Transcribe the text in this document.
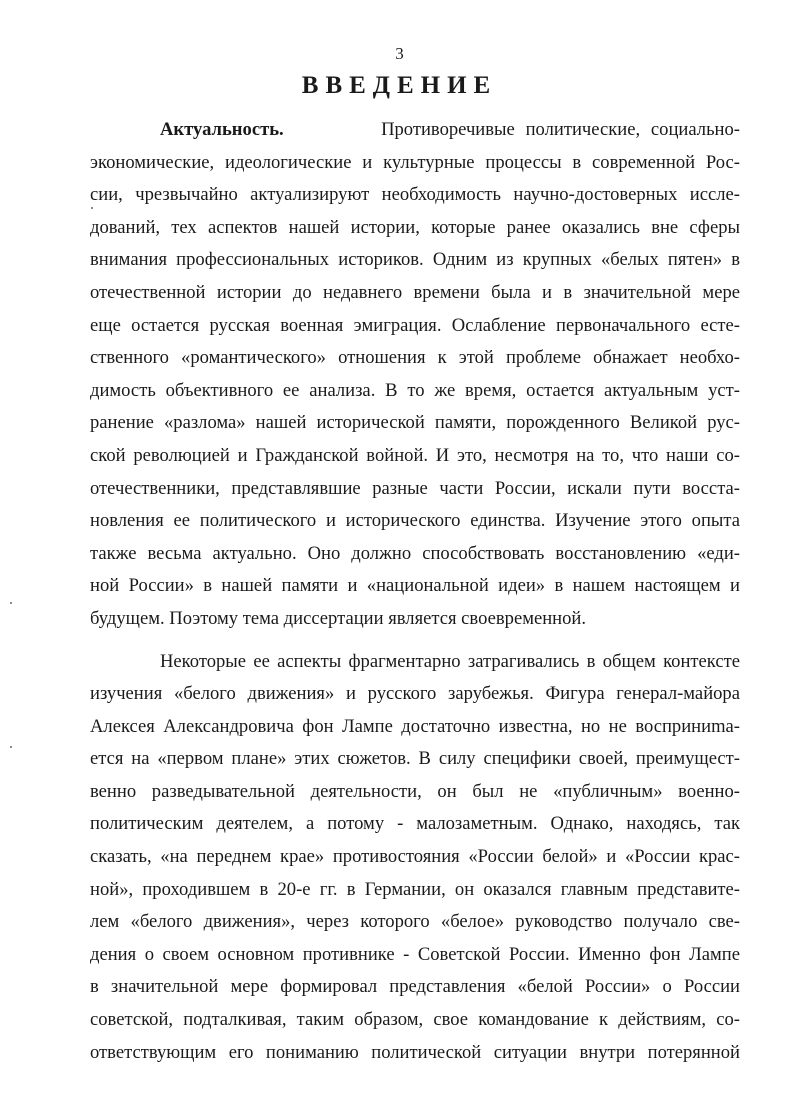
3
ВВЕДЕНИЕ
Актуальность.	Противоречивые политические, социально-
экономические, идеологические и культурные процессы в современной Рос-
сии, чрезвычайно актуализируют необходимость научно-достоверных иссле-
дований, тех аспектов нашей истории, которые ранее оказались вне сферы
внимания профессиональных историков. Одним из крупных «белых пятен» в
отечественной истории до недавнего времени была и в значительной мере
еще остается русская военная эмиграция. Ослабление первоначального есте-
ственного «романтического» отношения к этой проблеме обнажает необхо-
димость объективного ее анализа. В то же время, остается актуальным уст-
ранение «разлома» нашей исторической памяти, порожденного Великой рус-
ской революцией и Гражданской войной. И это, несмотря на то, что наши со-
отечественники, представлявшие разные части России, искали пути восста-
новления ее политического и исторического единства. Изучение этого опыта
также весьма актуально. Оно должно способствовать восстановлению «еди-
ной России» в нашей памяти и «национальной идеи» в нашем настоящем и
будущем. Поэтому тема диссертации является своевременной.
Некоторые ее аспекты фрагментарно затрагивались в общем контексте
изучения «белого движения» и русского зарубежья. Фигура генерал-майора
Алексея Александровича фон Лампе достаточно известна, но не восприниma-
ется на «первом плане» этих сюжетов. В силу специфики своей, преимущест-
венно разведывательной деятельности, он был не «публичным» военно-
политическим деятелем, а потому - малозаметным. Однако, находясь, так
сказать, «на переднем крае» противостояния «России белой» и «России крас-
ной», проходившем в 20-е гг. в Германии, он оказался главным представите-
лем «белого движения», через которого «белое» руководство получало све-
дения о своем основном противнике - Советской России. Именно фон Лампе
в значительной мере формировал представления «белой России» о России
советской, подталкивая, таким образом, свое командование к действиям, со-
ответствующим его пониманию политической ситуации внутри потерянной
